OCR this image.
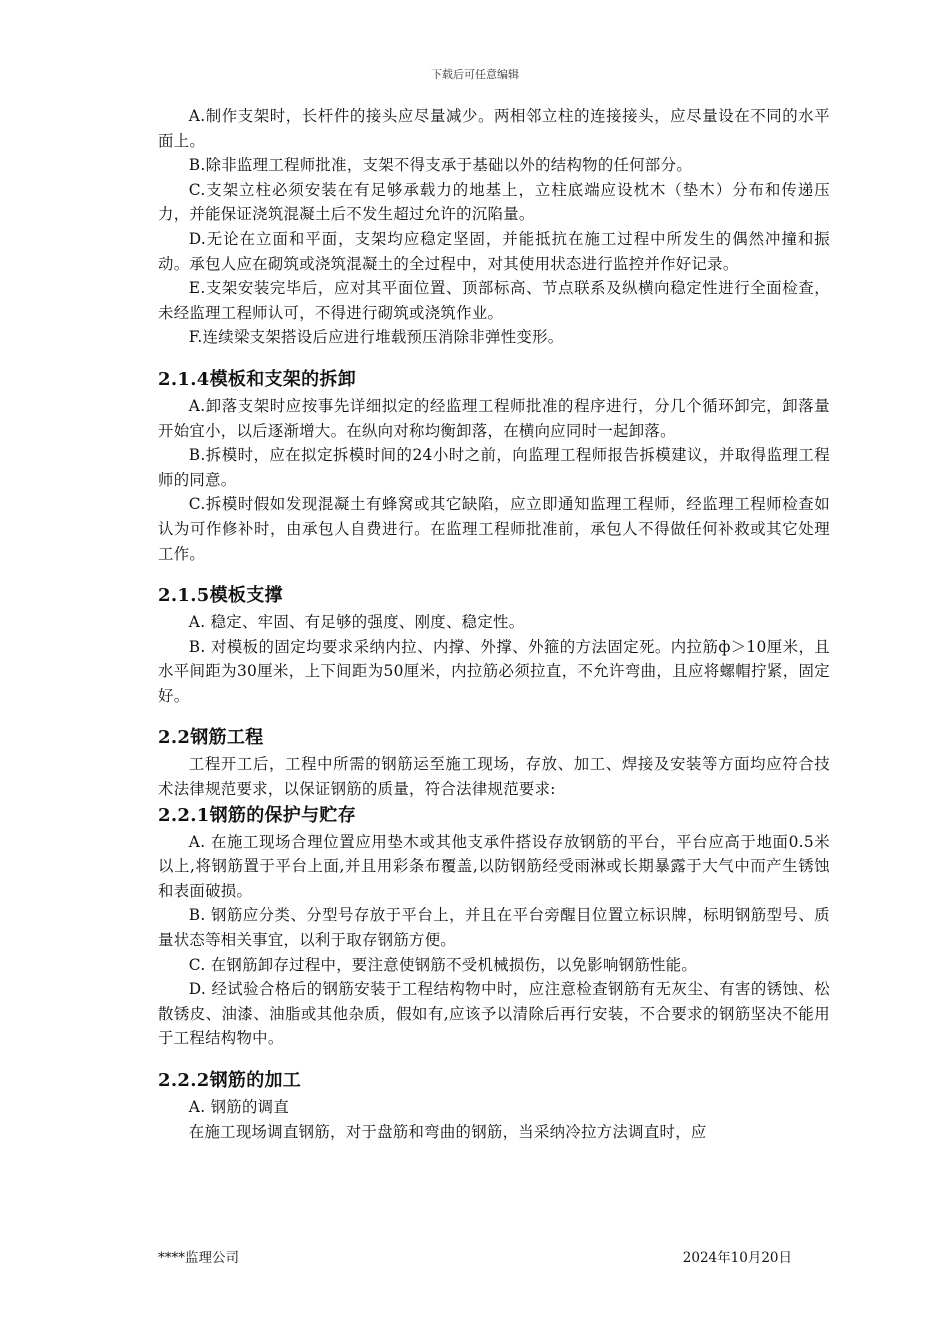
下载后可任意编辑

A.制作支架时，长杆件的接头应尽量减少。两相邻立柱的连接接头，应尽量设在不同的水平面上。

B.除非监理工程师批准，支架不得支承于基础以外的结构物的任何部分。

C.支架立柱必须安装在有足够承载力的地基上，立柱底端应设枕木（垫木）分布和传递压力，并能保证浇筑混凝土后不发生超过允许的沉陷量。

D.无论在立面和平面，支架均应稳定坚固，并能抵抗在施工过程中所发生的偶然冲撞和振动。承包人应在砌筑或浇筑混凝土的全过程中，对其使用状态进行监控并作好记录。

E.支架安装完毕后，应对其平面位置、顶部标高、节点联系及纵横向稳定性进行全面检查，未经监理工程师认可，不得进行砌筑或浇筑作业。

F.连续梁支架搭设后应进行堆载预压消除非弹性变形。

2.1.4模板和支架的拆卸

A.卸落支架时应按事先详细拟定的经监理工程师批准的程序进行，分几个循环卸完，卸落量开始宜小，以后逐渐增大。在纵向对称均衡卸落，在横向应同时一起卸落。

B.拆模时，应在拟定拆模时间的24小时之前，向监理工程师报告拆模建议，并取得监理工程师的同意。

C.拆模时假如发现混凝土有蜂窝或其它缺陷，应立即通知监理工程师，经监理工程师检查如认为可作修补时，由承包人自费进行。在监理工程师批准前，承包人不得做任何补救或其它处理工作。

2.1.5模板支撑

A. 稳定、牢固、有足够的强度、刚度、稳定性。

B. 对模板的固定均要求采纳内拉、内撑、外撑、外箍的方法固定死。内拉筋ф＞10厘米，且水平间距为30厘米，上下间距为50厘米，内拉筋必须拉直，不允许弯曲，且应将螺帽拧紧，固定好。

2.2钢筋工程

工程开工后，工程中所需的钢筋运至施工现场，存放、加工、焊接及安装等方面均应符合技术法律规范要求，以保证钢筋的质量，符合法律规范要求:

2.2.1钢筋的保护与贮存

A. 在施工现场合理位置应用垫木或其他支承件搭设存放钢筋的平台，平台应高于地面0.5米以上,将钢筋置于平台上面,并且用彩条布覆盖,以防钢筋经受雨淋或长期暴露于大气中而产生锈蚀和表面破损。

B. 钢筋应分类、分型号存放于平台上，并且在平台旁醒目位置立标识牌，标明钢筋型号、质量状态等相关事宜，以利于取存钢筋方便。

C. 在钢筋卸存过程中，要注意使钢筋不受机械损伤，以免影响钢筋性能。

D. 经试验合格后的钢筋安装于工程结构物中时，应注意检查钢筋有无灰尘、有害的锈蚀、松散锈皮、油漆、油脂或其他杂质，假如有,应该予以清除后再行安装，不合要求的钢筋坚决不能用于工程结构物中。

2.2.2钢筋的加工

A. 钢筋的调直

在施工现场调直钢筋，对于盘筋和弯曲的钢筋，当采纳冷拉方法调直时，应

****监理公司	2024年10月20日
